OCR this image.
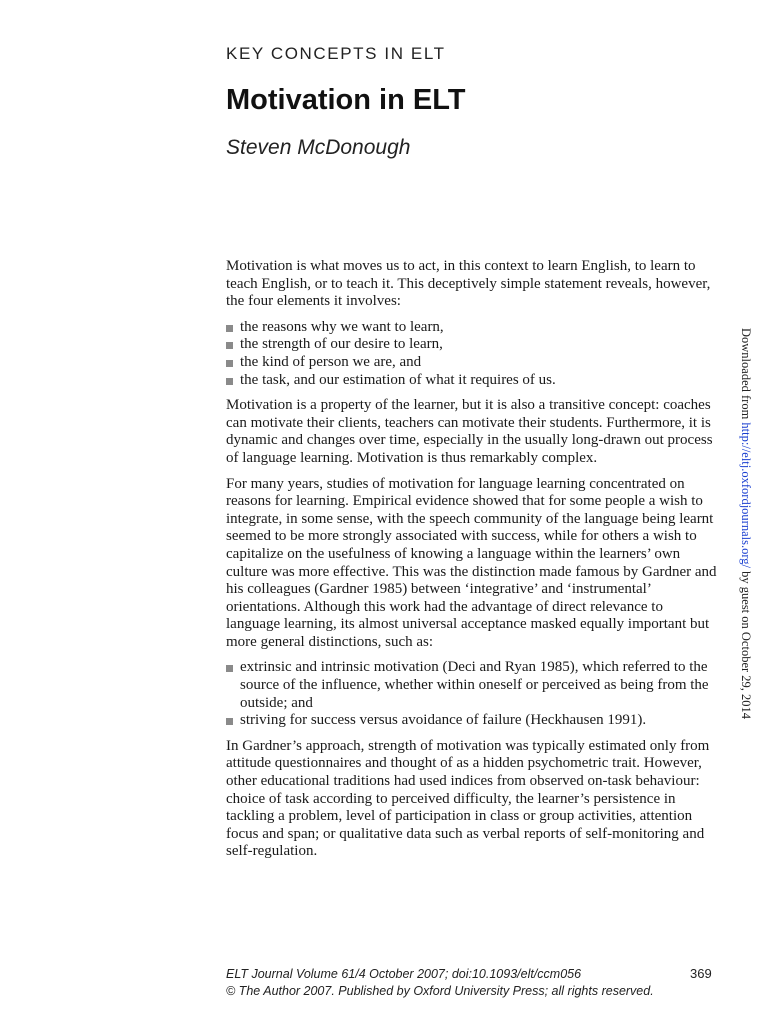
KEY CONCEPTS IN ELT
Motivation in ELT
Steven McDonough

Motivation is what moves us to act, in this context to learn English, to learn to teach English, or to teach it. This deceptively simple statement reveals, however, the four elements it involves:

the reasons why we want to learn,
the strength of our desire to learn,
the kind of person we are, and
the task, and our estimation of what it requires of us.

Motivation is a property of the learner, but it is also a transitive concept: coaches can motivate their clients, teachers can motivate their students. Furthermore, it is dynamic and changes over time, especially in the usually long-drawn out process of language learning. Motivation is thus remarkably complex.

For many years, studies of motivation for language learning concentrated on reasons for learning. Empirical evidence showed that for some people a wish to integrate, in some sense, with the speech community of the language being learnt seemed to be more strongly associated with success, while for others a wish to capitalize on the usefulness of knowing a language within the learners’ own culture was more effective. This was the distinction made famous by Gardner and his colleagues (Gardner 1985) between ‘integrative’ and ‘instrumental’ orientations. Although this work had the advantage of direct relevance to language learning, its almost universal acceptance masked equally important but more general distinctions, such as:

extrinsic and intrinsic motivation (Deci and Ryan 1985), which referred to the source of the influence, whether within oneself or perceived as being from the outside; and
striving for success versus avoidance of failure (Heckhausen 1991).

In Gardner’s approach, strength of motivation was typically estimated only from attitude questionnaires and thought of as a hidden psychometric trait. However, other educational traditions had used indices from observed on-task behaviour: choice of task according to perceived difficulty, the learner’s persistence in tackling a problem, level of participation in class or group activities, attention focus and span; or qualitative data such as verbal reports of self-monitoring and self-regulation.

Downloaded from http://eltj.oxfordjournals.org/ by guest on October 29, 2014
ELT Journal Volume 61/4 October 2007; doi:10.1093/elt/ccm056
© The Author 2007. Published by Oxford University Press; all rights reserved.
369
